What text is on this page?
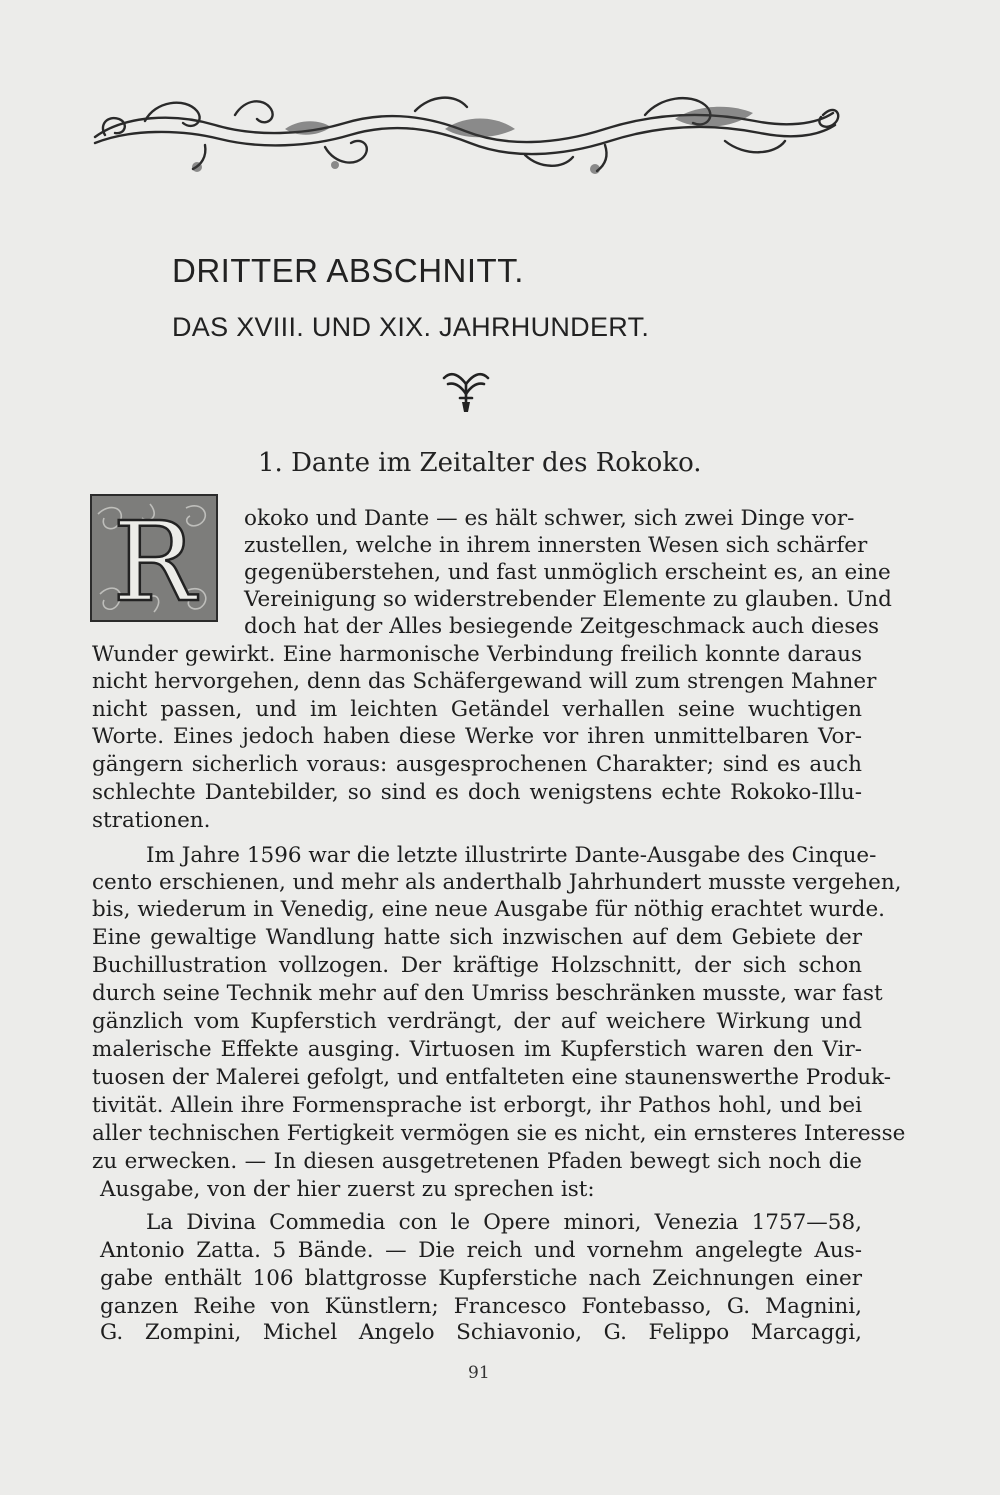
DRITTER ABSCHNITT.
DAS XVIII. UND XIX. JAHRHUNDERT.
1. Dante im Zeitalter des Rokoko.
R okoko und Dante — es hält schwer, sich zwei Dinge vor-
zustellen, welche in ihrem innersten Wesen sich schärfer
gegenüberstehen, und fast unmöglich erscheint es, an eine
Vereinigung so widerstrebender Elemente zu glauben. Und
doch hat der Alles besiegende Zeitgeschmack auch dieses
Wunder gewirkt. Eine harmonische Verbindung freilich konnte daraus
nicht hervorgehen, denn das Schäfergewand will zum strengen Mahner
nicht passen, und im leichten Getändel verhallen seine wuchtigen
Worte. Eines jedoch haben diese Werke vor ihren unmittelbaren Vor-
gängern sicherlich voraus: ausgesprochenen Charakter; sind es auch
schlechte Dantebilder, so sind es doch wenigstens echte Rokoko-Illu-
strationen.
Im Jahre 1596 war die letzte illustrirte Dante-Ausgabe des Cinque-
cento erschienen, und mehr als anderthalb Jahrhundert musste vergehen,
bis, wiederum in Venedig, eine neue Ausgabe für nöthig erachtet wurde.
Eine gewaltige Wandlung hatte sich inzwischen auf dem Gebiete der
Buchillustration vollzogen. Der kräftige Holzschnitt, der sich schon
durch seine Technik mehr auf den Umriss beschränken musste, war fast
gänzlich vom Kupferstich verdrängt, der auf weichere Wirkung und
malerische Effekte ausging. Virtuosen im Kupferstich waren den Vir-
tuosen der Malerei gefolgt, und entfalteten eine staunenswerthe Produk-
tivität. Allein ihre Formensprache ist erborgt, ihr Pathos hohl, und bei
aller technischen Fertigkeit vermögen sie es nicht, ein ernsteres Interesse
zu erwecken. — In diesen ausgetretenen Pfaden bewegt sich noch die
Ausgabe, von der hier zuerst zu sprechen ist:
La Divina Commedia con le Opere minori, Venezia 1757—58,
Antonio Zatta. 5 Bände. — Die reich und vornehm angelegte Aus-
gabe enthält 106 blattgrosse Kupferstiche nach Zeichnungen einer
ganzen Reihe von Künstlern; Francesco Fontebasso, G. Magnini,
G. Zompini, Michel Angelo Schiavonio, G. Felippo Marcaggi,
91
